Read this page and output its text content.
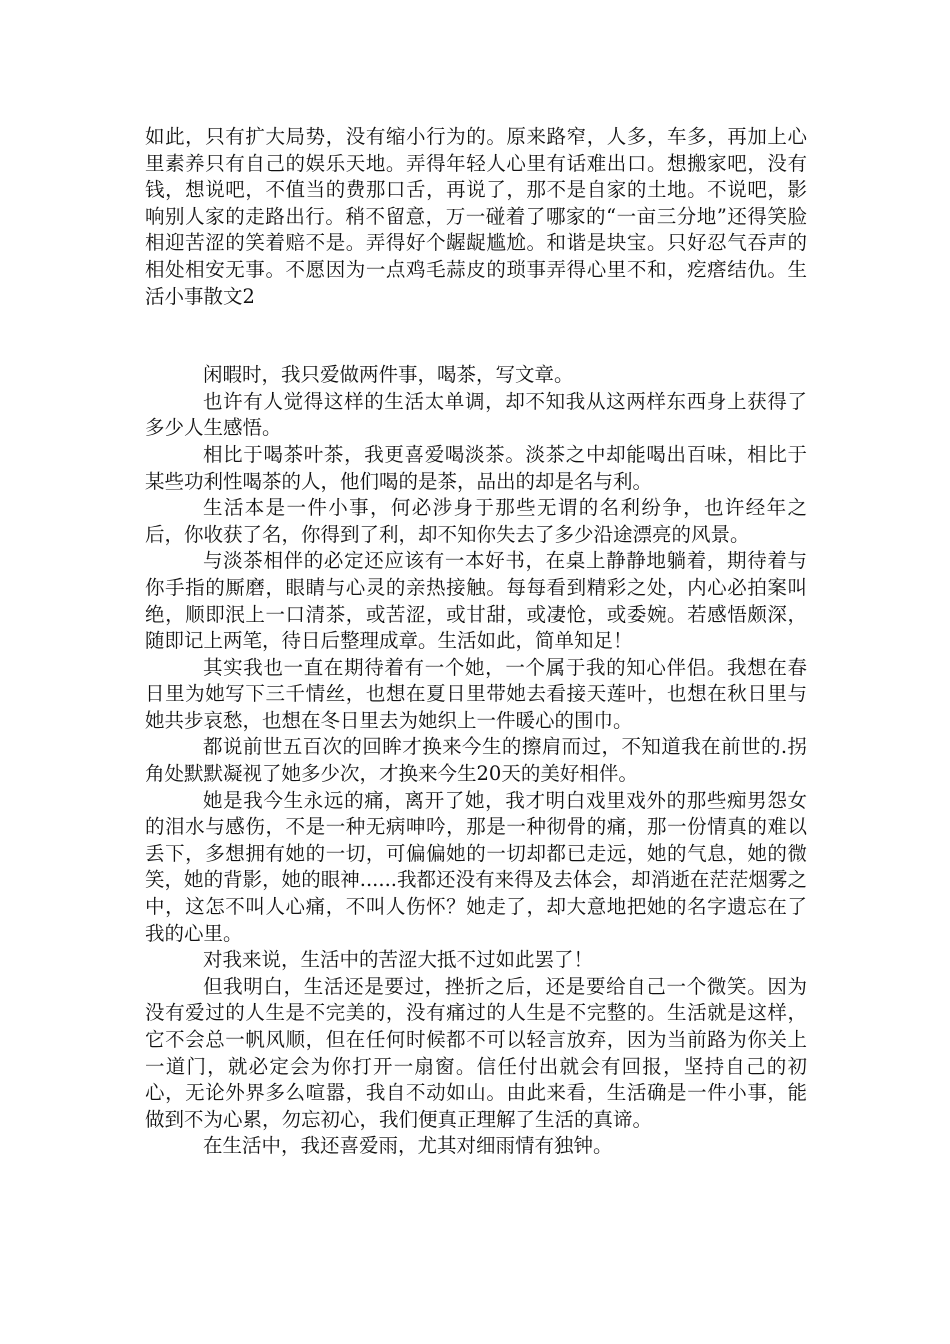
如此，只有扩大局势，没有缩小行为的。原来路窄，人多，车多，再加上心里素养只有自己的娱乐天地。弄得年轻人心里有话难出口。想搬家吧，没有钱，想说吧，不值当的费那口舌，再说了，那不是自家的土地。不说吧，影响别人家的走路出行。稍不留意，万一碰着了哪家的“一亩三分地”还得笑脸相迎苦涩的笑着赔不是。弄得好个龌龊尴尬。和谐是块宝。只好忍气吞声的相处相安无事。不愿因为一点鸡毛蒜皮的琐事弄得心里不和，疙瘩结仇。生活小事散文2

闲暇时，我只爱做两件事，喝茶，写文章。

也许有人觉得这样的生活太单调，却不知我从这两样东西身上获得了多少人生感悟。

相比于喝茶叶茶，我更喜爱喝淡茶。淡茶之中却能喝出百味，相比于某些功利性喝茶的人，他们喝的是茶，品出的却是名与利。

生活本是一件小事，何必涉身于那些无谓的名利纷争，也许经年之后，你收获了名，你得到了利，却不知你失去了多少沿途漂亮的风景。

与淡茶相伴的必定还应该有一本好书，在桌上静静地躺着，期待着与你手指的厮磨，眼睛与心灵的亲热接触。每每看到精彩之处，内心必拍案叫绝，顺即泯上一口清茶，或苦涩，或甘甜，或凄怆，或委婉。若感悟颇深，随即记上两笔，待日后整理成章。生活如此，简单知足！

其实我也一直在期待着有一个她，一个属于我的知心伴侣。我想在春日里为她写下三千情丝，也想在夏日里带她去看接天莲叶，也想在秋日里与她共步哀愁，也想在冬日里去为她织上一件暖心的围巾。

都说前世五百次的回眸才换来今生的擦肩而过，不知道我在前世的.拐角处默默凝视了她多少次，才换来今生20天的美好相伴。

她是我今生永远的痛，离开了她，我才明白戏里戏外的那些痴男怨女的泪水与感伤，不是一种无病呻吟，那是一种彻骨的痛，那一份情真的难以丢下，多想拥有她的一切，可偏偏她的一切却都已走远，她的气息，她的微笑，她的背影，她的眼神......我都还没有来得及去体会，却消逝在茫茫烟雾之中，这怎不叫人心痛，不叫人伤怀？她走了，却大意地把她的名字遗忘在了我的心里。

对我来说，生活中的苦涩大抵不过如此罢了！

但我明白，生活还是要过，挫折之后，还是要给自己一个微笑。因为没有爱过的人生是不完美的，没有痛过的人生是不完整的。生活就是这样，它不会总一帆风顺，但在任何时候都不可以轻言放弃，因为当前路为你关上一道门，就必定会为你打开一扇窗。信任付出就会有回报，坚持自己的初心，无论外界多么喧嚣，我自不动如山。由此来看，生活确是一件小事，能做到不为心累，勿忘初心，我们便真正理解了生活的真谛。

在生活中，我还喜爱雨，尤其对细雨情有独钟。
